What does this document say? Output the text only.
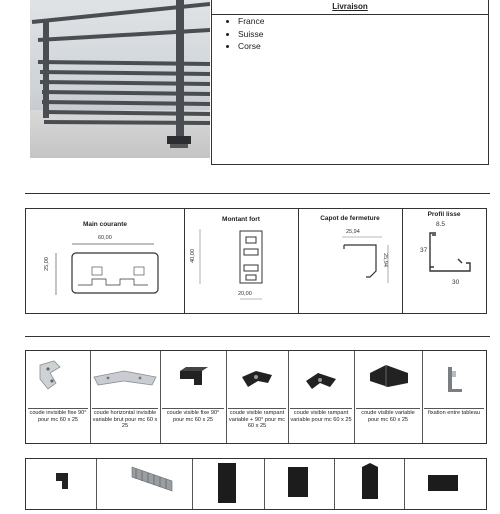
Livraison
• France
• Suisse
• Corse
Main courante
60,00
25,00
Montant fort
40,00
20,00
Capot de fermeture
25,94
25,94
Profil lisse
8.5
37
30
coude invisible fixe 90° pour mc 60 x 25
coude horizontal invisible variable brut pour mc 60 x 25
coude visible fixe 90° pour mc 60 x 25
coude visible rampant variable + 90° pour mc 60 x 25
coude visible rampant variable pour mc 60 x 25
coude visible variable pour mc 60 x 25
fixation entre tableau
